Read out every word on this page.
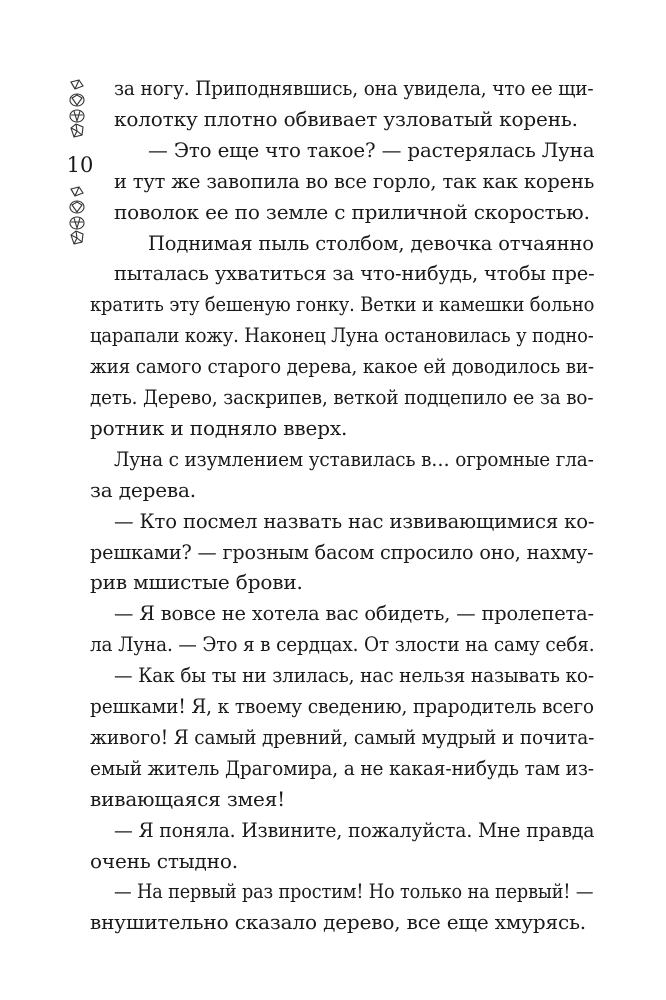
10
за ногу. Приподнявшись, она увидела, что ее щи-
колотку плотно обвивает узловатый корень.
— Это еще что такое? — растерялась Луна
и тут же завопила во все горло, так как корень
поволок ее по земле с приличной скоростью.
Поднимая пыль столбом, девочка отчаянно
пыталась ухватиться за что-нибудь, чтобы пре-
кратить эту бешеную гонку. Ветки и камешки больно
царапали кожу. Наконец Луна остановилась у подно-
жия самого старого дерева, какое ей доводилось ви-
деть. Дерево, заскрипев, веткой подцепило ее за во-
ротник и подняло вверх.
Луна с изумлением уставилась в… огромные гла-
за дерева.
— Кто посмел назвать нас извивающимися ко-
решками? — грозным басом спросило оно, нахму-
рив мшистые брови.
— Я вовсе не хотела вас обидеть, — пролепета-
ла Луна. — Это я в сердцах. От злости на саму себя.
— Как бы ты ни злилась, нас нельзя называть ко-
решками! Я, к твоему сведению, прародитель всего
живого! Я самый древний, самый мудрый и почита-
емый житель Драгомира, а не какая-нибудь там из-
вивающаяся змея!
— Я поняла. Извините, пожалуйста. Мне правда
очень стыдно.
— На первый раз простим! Но только на первый! —
внушительно сказало дерево, все еще хмурясь.
